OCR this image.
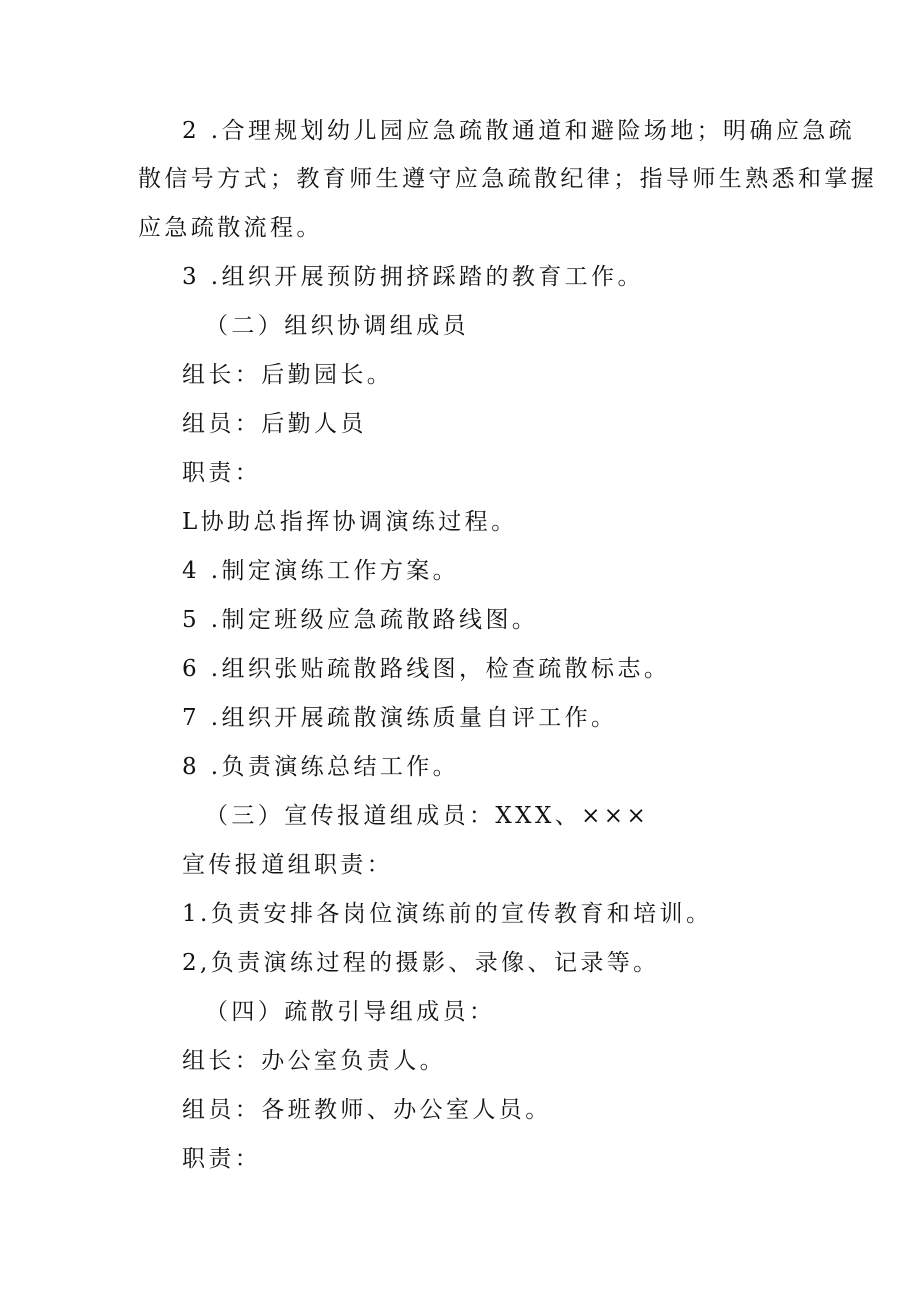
2 .合理规划幼儿园应急疏散通道和避险场地；明确应急疏
散信号方式；教育师生遵守应急疏散纪律；指导师生熟悉和掌握
应急疏散流程。
3 .组织开展预防拥挤踩踏的教育工作。
（二）组织协调组成员
组长：后勤园长。
组员：后勤人员
职责：
L协助总指挥协调演练过程。
4 .制定演练工作方案。
5 .制定班级应急疏散路线图。
6 .组织张贴疏散路线图，检查疏散标志。
7 .组织开展疏散演练质量自评工作。
8 .负责演练总结工作。
（三）宣传报道组成员：XXX、×××
宣传报道组职责：
1.负责安排各岗位演练前的宣传教育和培训。
2,负责演练过程的摄影、录像、记录等。
（四）疏散引导组成员：
组长：办公室负责人。
组员：各班教师、办公室人员。
职责：
